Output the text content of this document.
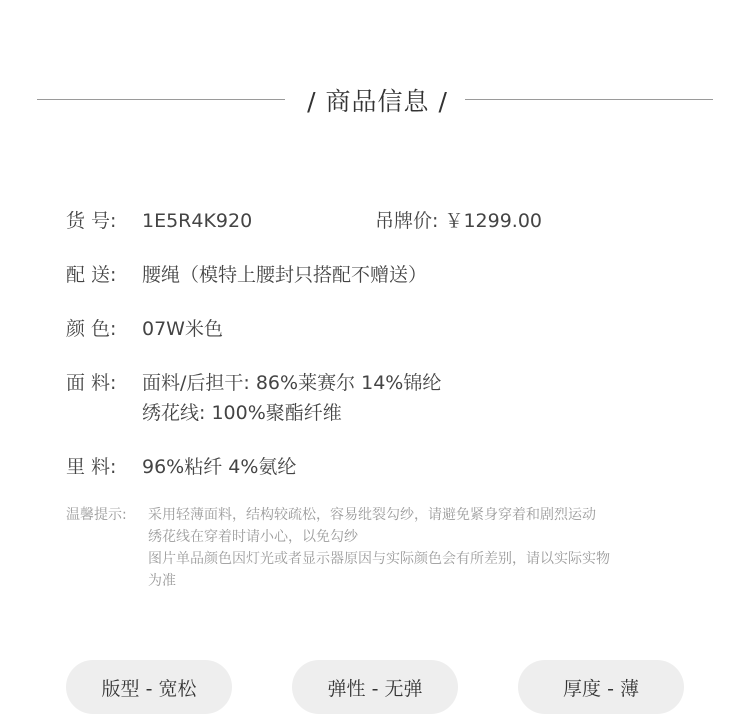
/ 商品信息 /
货 号: 1E5R4K920	吊牌价: ￥1299.00
配 送: 腰绳（模特上腰封只搭配不赠送）
颜 色: 07W米色
面 料: 面料/后担干: 86%莱赛尔 14%锦纶
绣花线: 100%聚酯纤维
里 料: 96%粘纤 4%氨纶
温馨提示: 采用轻薄面料，结构较疏松，容易纰裂勾纱，请避免紧身穿着和剧烈运动
绣花线在穿着时请小心，以免勾纱
图片单品颜色因灯光或者显示器原因与实际颜色会有所差别，请以实际实物
为准
版型 - 宽松	弹性 - 无弹	厚度 - 薄
